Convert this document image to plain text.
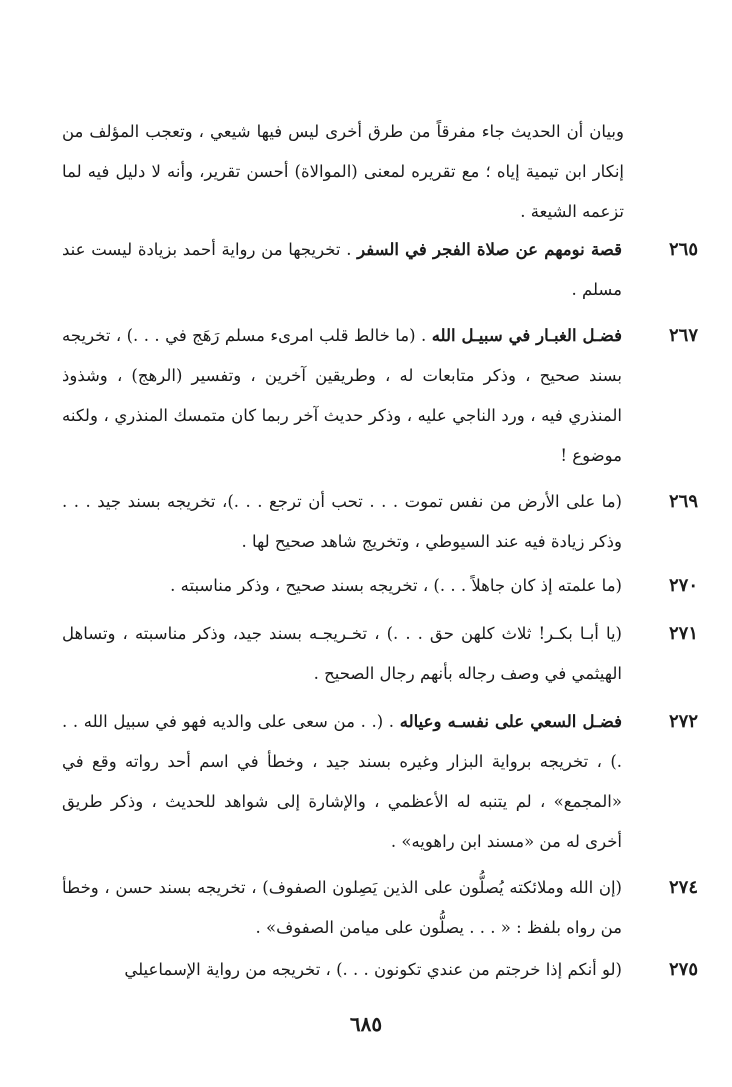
وبيان أن الحديث جاء مفرقاً من طرق أخرى ليس فيها شيعي ، وتعجب المؤلف من إنكار ابن تيمية إياه ؛ مع تقريره لمعنى (الموالاة) أحسن تقرير، وأنه لا دليل فيه لما تزعمه الشيعة .
٢٦٥
قصة نومهم عن صلاة الفجر في السفر . تخريجها من رواية أحمد بزيادة ليست عند مسلم .
٢٦٧
فضـل الغبـار في سبيـل الله . (ما خالط قلب امرىء مسلم رَهَج في . . .) ، تخريجه بسند صحيح ، وذكر متابعات له ، وطريقين آخرين ، وتفسير (الرهج) ، وشذوذ المنذري فيه ، ورد الناجي عليه ، وذكر حديث آخر ربما كان متمسك المنذري ، ولكنه موضوع !
٢٦٩
(ما على الأرض من نفس تموت . . . تحب أن ترجع . . .)، تخريجه بسند جيد . . . وذكر زيادة فيه عند السيوطي ، وتخريج شاهد صحيح لها .
٢٧٠
(ما علمته إذ كان جاهلاً . . .) ، تخريجه بسند صحيح ، وذكر مناسبته .
٢٧١
(يا أبـا بكـر! ثلاث كلهن حق . . .) ، تخـريجـه بسند جيد، وذكر مناسبته ، وتساهل الهيثمي في وصف رجاله بأنهم رجال الصحيح .
٢٧٢
فضـل السعي على نفسـه وعياله . (. . من سعى على والديه فهو في سبيل الله . . .) ، تخريجه برواية البزار وغيره بسند جيد ، وخطأ في اسم أحد رواته وقع في «المجمع» ، لم يتنبه له الأعظمي ، والإشارة إلى شواهد للحديث ، وذكر طريق أخرى له من «مسند ابن راهويه» .
٢٧٤
(إن الله وملائكته يُصلُّون على الذين يَصِلون الصفوف) ، تخريجه بسند حسن ، وخطأ من رواه بلفظ : « . . . يصلُّون على ميامن الصفوف» .
٢٧٥
(لو أنكم إذا خرجتم من عندي تكونون . . .) ، تخريجه من رواية الإسماعيلي
٦٨٥
